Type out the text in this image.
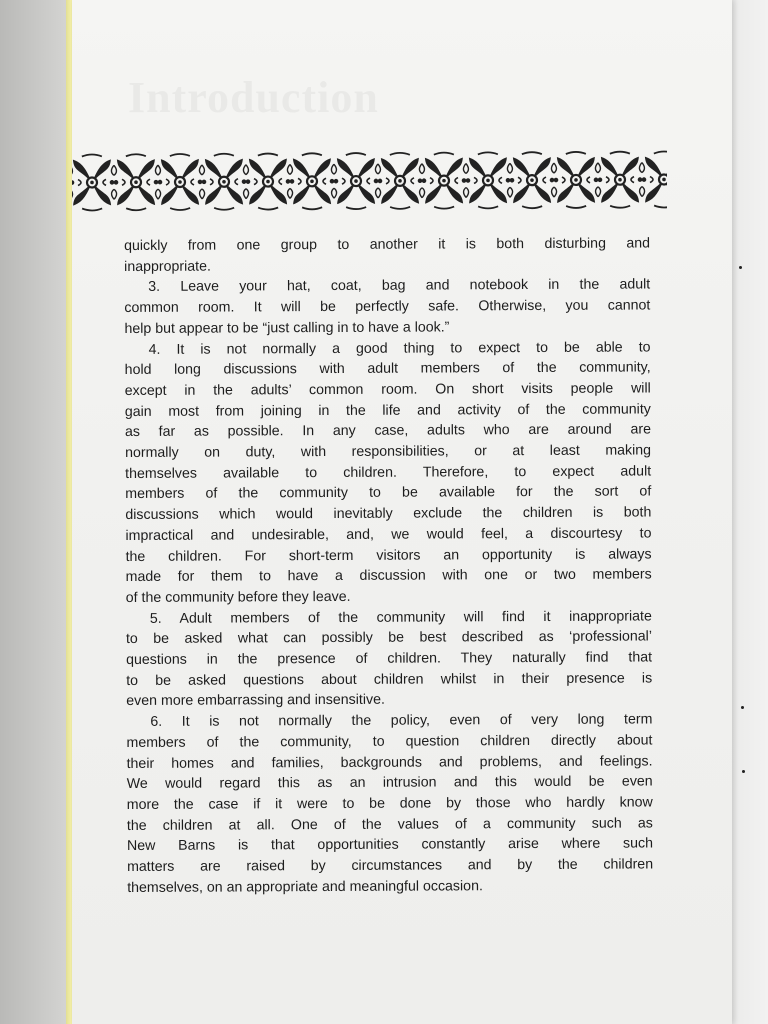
quickly from one group to another it is both disturbing and
inappropriate.
3. Leave your hat, coat, bag and notebook in the adult
common room. It will be perfectly safe. Otherwise, you cannot
help but appear to be “just calling in to have a look.”
4. It is not normally a good thing to expect to be able to
hold long discussions with adult members of the community,
except in the adults’ common room. On short visits people will
gain most from joining in the life and activity of the community
as far as possible. In any case, adults who are around are
normally on duty, with responsibilities, or at least making
themselves available to children. Therefore, to expect adult
members of the community to be available for the sort of
discussions which would inevitably exclude the children is both
impractical and undesirable, and, we would feel, a discourtesy to
the children. For short-term visitors an opportunity is always
made for them to have a discussion with one or two members
of the community before they leave.
5. Adult members of the community will find it inappropriate
to be asked what can possibly be best described as ‘professional’
questions in the presence of children. They naturally find that
to be asked questions about children whilst in their presence is
even more embarrassing and insensitive.
6. It is not normally the policy, even of very long term
members of the community, to question children directly about
their homes and families, backgrounds and problems, and feelings.
We would regard this as an intrusion and this would be even
more the case if it were to be done by those who hardly know
the children at all. One of the values of a community such as
New Barns is that opportunities constantly arise where such
matters are raised by circumstances and by the children
themselves, on an appropriate and meaningful occasion.
